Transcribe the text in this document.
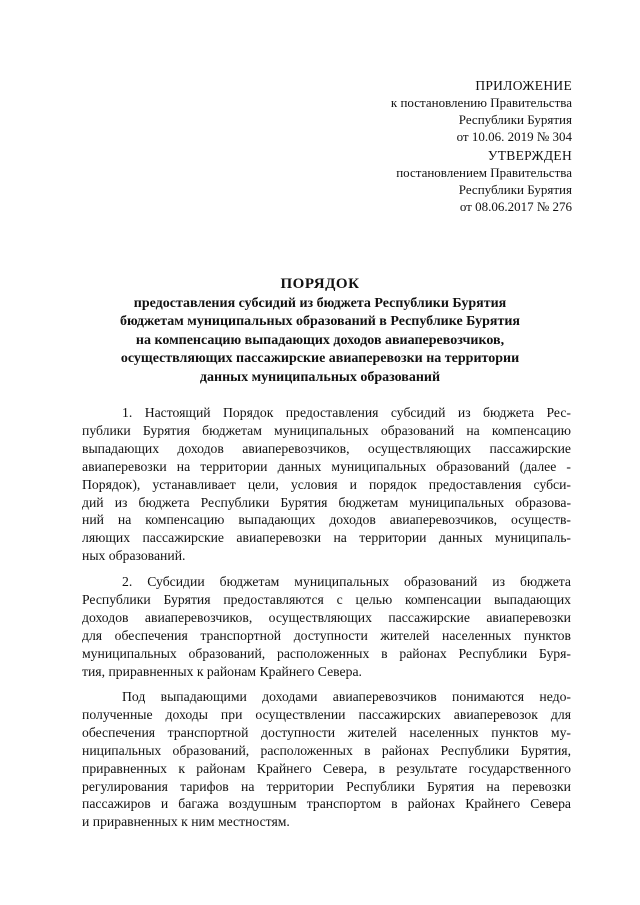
ПРИЛОЖЕНИЕ
к постановлению Правительства
Республики Бурятия
от 10.06. 2019 № 304
УТВЕРЖДЕН
постановлением Правительства
Республики Бурятия
от 08.06.2017 № 276
ПОРЯДОК
предоставления субсидий из бюджета Республики Бурятия
бюджетам муниципальных образований в Республике Бурятия
на компенсацию выпадающих доходов авиаперевозчиков,
осуществляющих пассажирские авиаперевозки на территории
данных муниципальных образований
1. Настоящий Порядок предоставления субсидий из бюджета Рес-
публики Бурятия бюджетам муниципальных образований на компенсацию
выпадающих доходов авиаперевозчиков, осуществляющих пассажирские
авиаперевозки на территории данных муниципальных образований (далее -
Порядок), устанавливает цели, условия и порядок предоставления субси-
дий из бюджета Республики Бурятия бюджетам муниципальных образова-
ний на компенсацию выпадающих доходов авиаперевозчиков, осуществ-
ляющих пассажирские авиаперевозки на территории данных муниципаль-
ных образований.
2. Субсидии бюджетам муниципальных образований из бюджета
Республики Бурятия предоставляются с целью компенсации выпадающих
доходов авиаперевозчиков, осуществляющих пассажирские авиаперевозки
для обеспечения транспортной доступности жителей населенных пунктов
муниципальных образований, расположенных в районах Республики Буря-
тия, приравненных к районам Крайнего Севера.
Под выпадающими доходами авиаперевозчиков понимаются недо-
полученные доходы при осуществлении пассажирских авиаперевозок для
обеспечения транспортной доступности жителей населенных пунктов му-
ниципальных образований, расположенных в районах Республики Бурятия,
приравненных к районам Крайнего Севера, в результате государственного
регулирования тарифов на территории Республики Бурятия на перевозки
пассажиров и багажа воздушным транспортом в районах Крайнего Севера
и приравненных к ним местностям.
